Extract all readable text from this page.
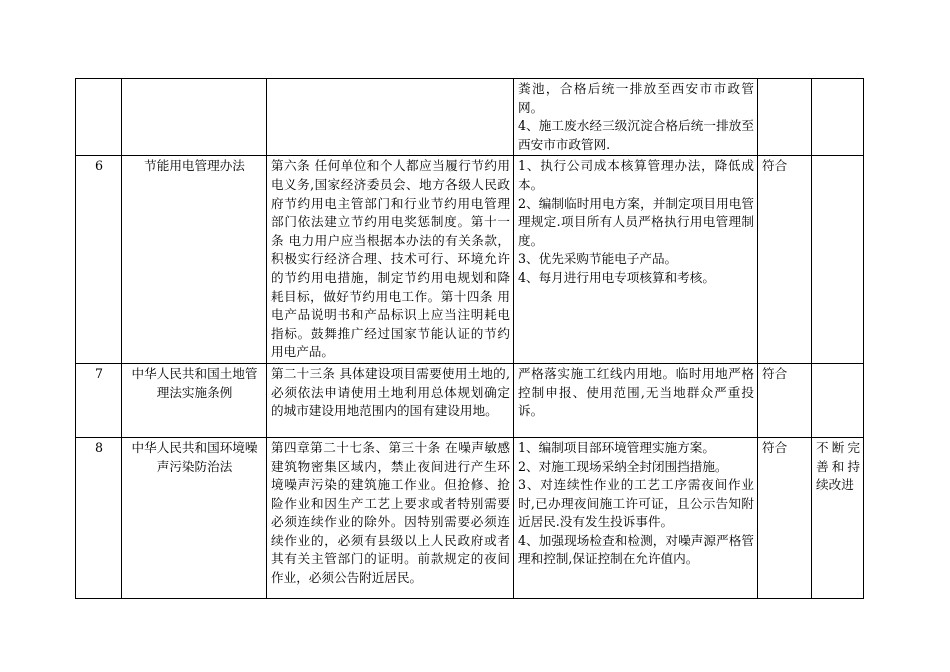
			粪池，合格后统一排放至西安市市政管网。
4、施工废水经三级沉淀合格后统一排放至西安市市政管网.		

6	节能用电管理办法	第六条 任何单位和个人都应当履行节约用电义务,国家经济委员会、地方各级人民政府节约用电主管部门和行业节约用电管理部门依法建立节约用电奖惩制度。第十一条 电力用户应当根据本办法的有关条款，积极实行经济合理、技术可行、环境允许的节约用电措施，制定节约用电规划和降耗目标，做好节约用电工作。第十四条 用电产品说明书和产品标识上应当注明耗电指标。鼓舞推广经过国家节能认证的节约用电产品。	1、执行公司成本核算管理办法，降低成本。
2、编制临时用电方案，并制定项目用电管理规定.项目所有人员严格执行用电管理制度。
3、优先采购节能电子产品。
4、每月进行用电专项核算和考核。	符合	
7	中华人民共和国土地管理法实施条例	第二十三条 具体建设项目需要使用土地的,必须依法申请使用土地利用总体规划确定的城市建设用地范围内的国有建设用地。	严格落实施工红线内用地。临时用地严格控制申报、使用范围,无当地群众严重投诉。	符合	
8	中华人民共和国环境噪声污染防治法	第四章第二十七条、第三十条 在噪声敏感建筑物密集区域内，禁止夜间进行产生环境噪声污染的建筑施工作业。但抢修、抢险作业和因生产工艺上要求或者特别需要必须连续作业的除外。因特别需要必须连续作业的，必须有县级以上人民政府或者其有关主管部门的证明。前款规定的夜间作业，必须公告附近居民。	1、编制项目部环境管理实施方案。
2、对施工现场采纳全封闭围挡措施。
3、对连续性作业的工艺工序需夜间作业时,已办理夜间施工许可证，且公示告知附近居民.没有发生投诉事件。
4、加强现场检查和检测，对噪声源严格管理和控制,保证控制在允许值内。	符合	不断完善和持续改进
